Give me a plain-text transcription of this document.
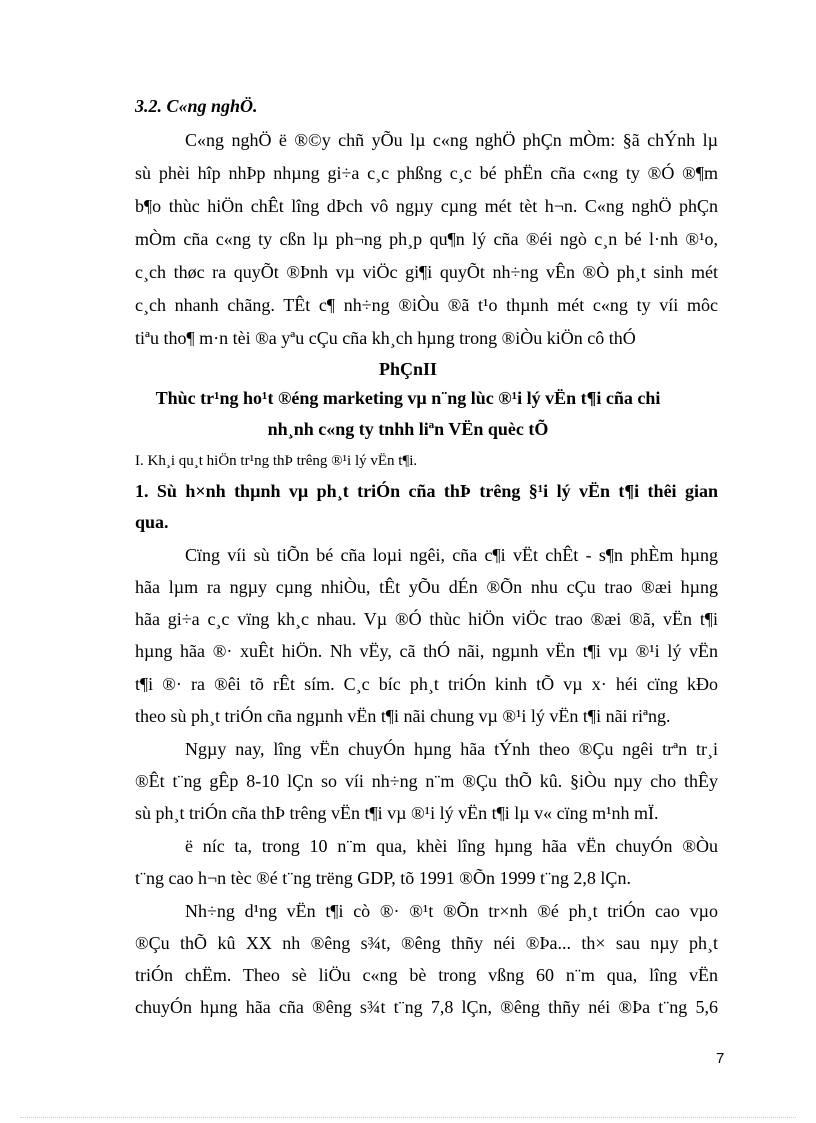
3.2. C«ng nghÖ.
C«ng nghÖ ë ®©y chñ yÕu lµ c«ng nghÖ phÇn mÒm: §ã chÝnh lµ
sù phèi hîp nhÞp nhµng gi÷a c¸c phßng c¸c bé phËn cña c«ng ty ®Ó ®¶m
b¶o thùc hiÖn chÊt lîng dÞch vô ngµy cµng mét tèt h¬n. C«ng nghÖ phÇn
mÒm cña c«ng ty cßn lµ ph¬ng ph¸p qu¶n lý cña ®éi ngò c¸n bé l·nh ®¹o,
c¸ch thøc ra quyÕt ®Þnh vµ viÖc gi¶i quyÕt nh÷ng vÊn ®Ò ph¸t sinh mét
c¸ch nhanh chãng. TÊt c¶ nh÷ng ®iÒu ®ã t¹o thµnh mét c«ng ty víi môc
tiªu tho¶ m·n tèi ®a yªu cÇu cña kh¸ch hµng trong ®iÒu kiÖn cô thÓ
PhÇnII
Thùc tr¹ng ho¹t ®éng marketing vµ n¨ng lùc ®¹i lý vËn t¶i cña chi
nh¸nh c«ng ty tnhh liªn VËn quèc tÕ
I. Kh¸i qu¸t hiÖn tr¹ng thÞ trêng ®¹i lý vËn t¶i.
1. Sù h×nh thµnh vµ ph¸t triÓn cña thÞ trêng §¹i lý vËn t¶i thêi gian
qua.
Cïng víi sù tiÕn bé cña loµi ngêi, cña c¶i vËt chÊt - s¶n phÈm hµng
hãa lµm ra ngµy cµng nhiÒu, tÊt yÕu dÉn ®Õn nhu cÇu trao ®æi hµng
hãa gi÷a c¸c vïng kh¸c nhau. Vµ ®Ó thùc hiÖn viÖc trao ®æi ®ã, vËn t¶i
hµng hãa ®· xuÊt hiÖn. Nh vËy, cã thÓ nãi, ngµnh vËn t¶i vµ ®¹i lý vËn
t¶i ®· ra ®êi tõ rÊt sím. C¸c bíc ph¸t triÓn kinh tÕ vµ x· héi cïng kÐo
theo sù ph¸t triÓn cña ngµnh vËn t¶i nãi chung vµ ®¹i lý vËn t¶i nãi riªng.
Ngµy nay, lîng vËn chuyÓn hµng hãa tÝnh theo ®Çu ngêi trªn tr¸i
®Êt t¨ng gÊp 8-10 lÇn so víi nh÷ng n¨m ®Çu thÕ kû. §iÒu nµy cho thÊy
sù ph¸t triÓn cña thÞ trêng vËn t¶i vµ ®¹i lý vËn t¶i lµ v« cïng m¹nh mÏ.
ë níc ta, trong 10 n¨m qua, khèi lîng hµng hãa vËn chuyÓn ®Òu
t¨ng cao h¬n tèc ®é t¨ng trëng GDP, tõ 1991 ®Õn 1999 t¨ng 2,8 lÇn.
Nh÷ng d¹ng vËn t¶i cò ®· ®¹t ®Õn tr×nh ®é ph¸t triÓn cao vµo
®Çu thÕ kû XX nh ®êng s¾t, ®êng thñy néi ®Þa... th× sau nµy ph¸t
triÓn chËm. Theo sè liÖu c«ng bè trong vßng 60 n¨m qua, lîng vËn
chuyÓn hµng hãa cña ®êng s¾t t¨ng 7,8 lÇn, ®êng thñy néi ®Þa t¨ng 5,6
7
